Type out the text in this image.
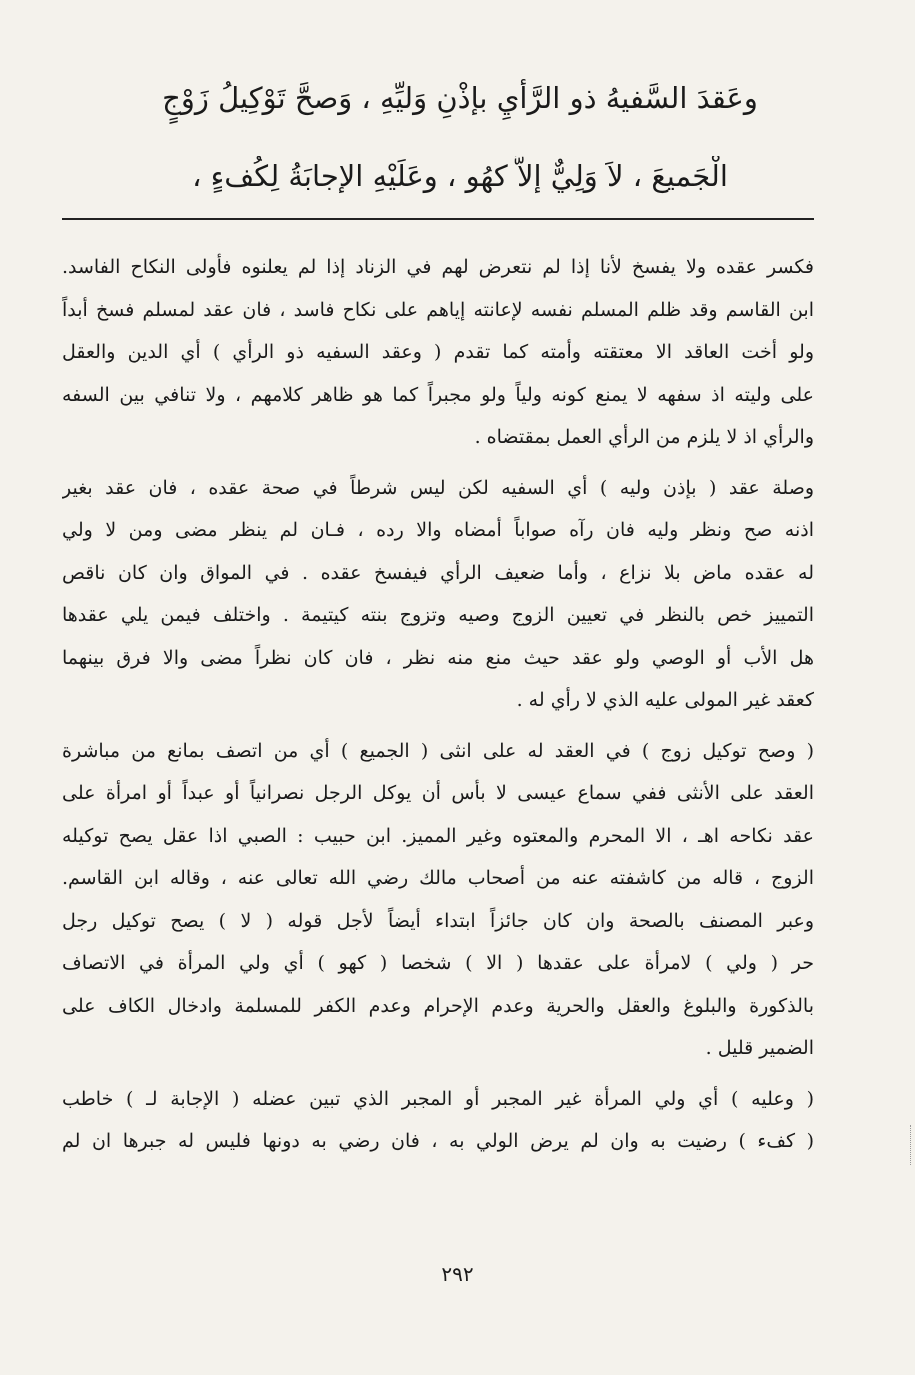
وعَقدَ السَّفيهُ ذو الرَّأيِ بإذْنِ وَليِّهِ ، وَصحَّ تَوْكِيلُ زَوْجٍ
الْجَميعَ ، لاَ وَلِيٌّ إلاَّ كهُو ، وعَلَيْهِ الإجابَةُ لِكُفءٍ ،
فكسر عقده ولا يفسخ لأنا إذا لم نتعرض لهم في الزناد إذا لم يعلنوه فأولى النكاح الفاسد.
ابن القاسم وقد ظلم المسلم نفسه لإعانته إياهم على نكاح فاسد ، فان عقد لمسلم فسخ أبداً
ولو أخت العاقد الا معتقته وأمته كما تقدم ( وعقد السفيه ذو الرأي ) أي الدين والعقل
على وليته اذ سفهه لا يمنع كونه ولياً ولو مجبراً كما هو ظاهر كلامهم ، ولا تنافي بين السفه
والرأي اذ لا يلزم من الرأي العمل بمقتضاه .
وصلة عقد ( بإذن وليه ) أي السفيه لكن ليس شرطاً في صحة عقده ، فان عقد بغير
اذنه صح ونظر وليه فان رآه صواباً أمضاه والا رده ، فـان لم ينظر مضى ومن لا ولي
له عقده ماض بلا نزاع ، وأما ضعيف الرأي فيفسخ عقده . في المواق وان كان ناقص
التمييز خص بالنظر في تعيين الزوج وصيه وتزوج بنته كيتيمة . واختلف فيمن يلي عقدها
هل الأب أو الوصي ولو عقد حيث منع منه نظر ، فان كان نظراً مضى والا فرق بينهما
كعقد غير المولى عليه الذي لا رأي له .
( وصح توكيل زوج ) في العقد له على انثى ( الجميع ) أي من اتصف بمانع من مباشرة
العقد على الأنثى ففي سماع عيسى لا بأس أن يوكل الرجل نصرانياً أو عبداً أو امرأة على
عقد نكاحه اهـ ، الا المحرم والمعتوه وغير المميز. ابن حبيب : الصبي اذا عقل يصح توكيله
الزوج ، قاله من كاشفته عنه من أصحاب مالك رضي الله تعالى عنه ، وقاله ابن القاسم.
وعبر المصنف بالصحة وان كان جائزاً ابتداء أيضاً لأجل قوله ( لا ) يصح توكيل رجل
حر ( ولي ) لامرأة على عقدها ( الا ) شخصا ( كهو ) أي ولي المرأة في الاتصاف
بالذكورة والبلوغ والعقل والحرية وعدم الإحرام وعدم الكفر للمسلمة وادخال الكاف على
الضمير قليل .
( وعليه ) أي ولي المرأة غير المجبر أو المجبر الذي تبين عضله ( الإجابة لـ ) خاطب
( كفء ) رضيت به وان لم يرض الولي به ، فان رضي به دونها فليس له جبرها ان لم
٢٩٢
